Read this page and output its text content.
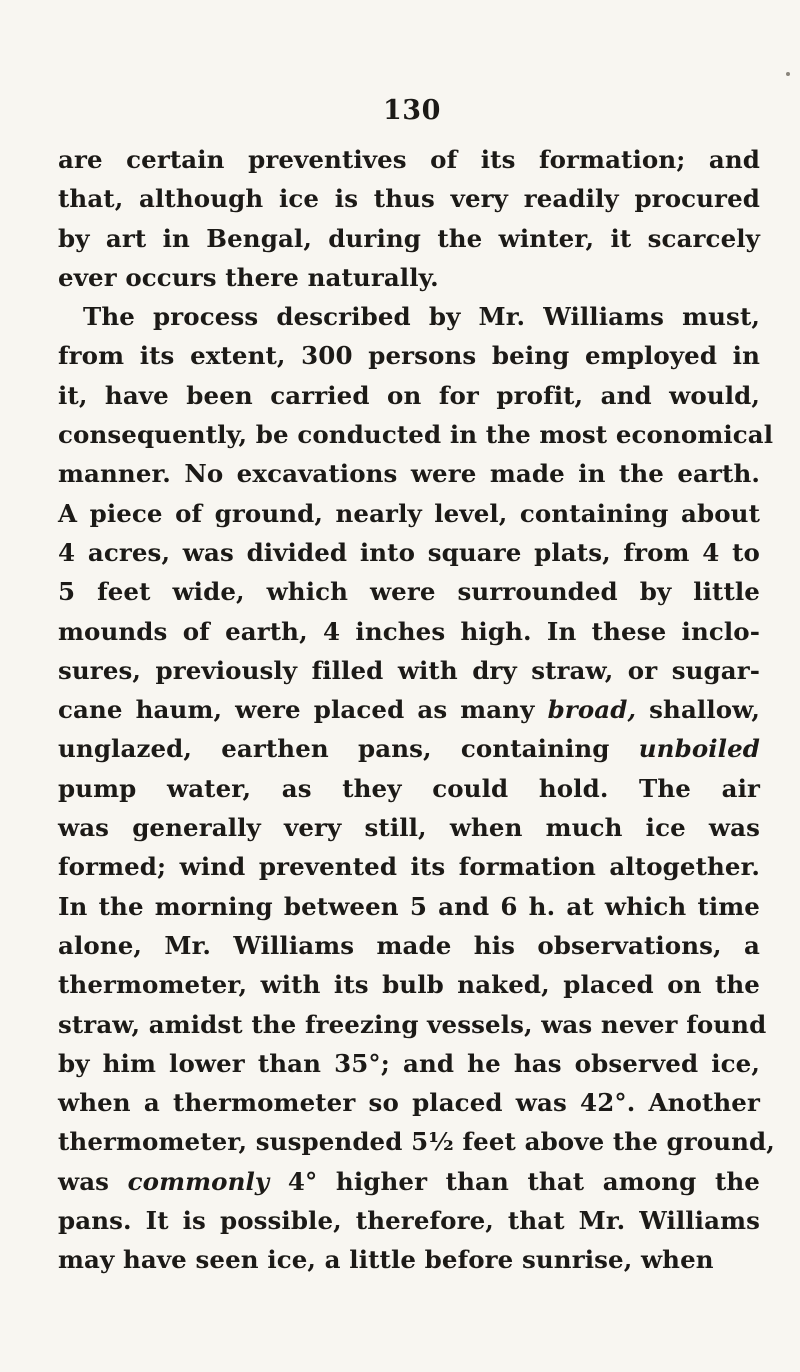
130
are certain preventives of its formation; and
that, although ice is thus very readily procured
by art in Bengal, during the winter, it scarcely
ever occurs there naturally.
The process described by Mr. Williams must,
from its extent, 300 persons being employed in
it, have been carried on for profit, and would,
consequently, be conducted in the most economical
manner. No excavations were made in the earth.
A piece of ground, nearly level, containing about
4 acres, was divided into square plats, from 4 to
5 feet wide, which were surrounded by little
mounds of earth, 4 inches high. In these inclo-
sures, previously filled with dry straw, or sugar-
cane haum, were placed as many broad, shallow,
unglazed, earthen pans, containing unboiled
pump water, as they could hold. The air
was generally very still, when much ice was
formed; wind prevented its formation altogether.
In the morning between 5 and 6 h. at which time
alone, Mr. Williams made his observations, a
thermometer, with its bulb naked, placed on the
straw, amidst the freezing vessels, was never found
by him lower than 35°; and he has observed ice,
when a thermometer so placed was 42°. Another
thermometer, suspended 5½ feet above the ground,
was commonly 4° higher than that among the
pans. It is possible, therefore, that Mr. Williams
may have seen ice, a little before sunrise, when
